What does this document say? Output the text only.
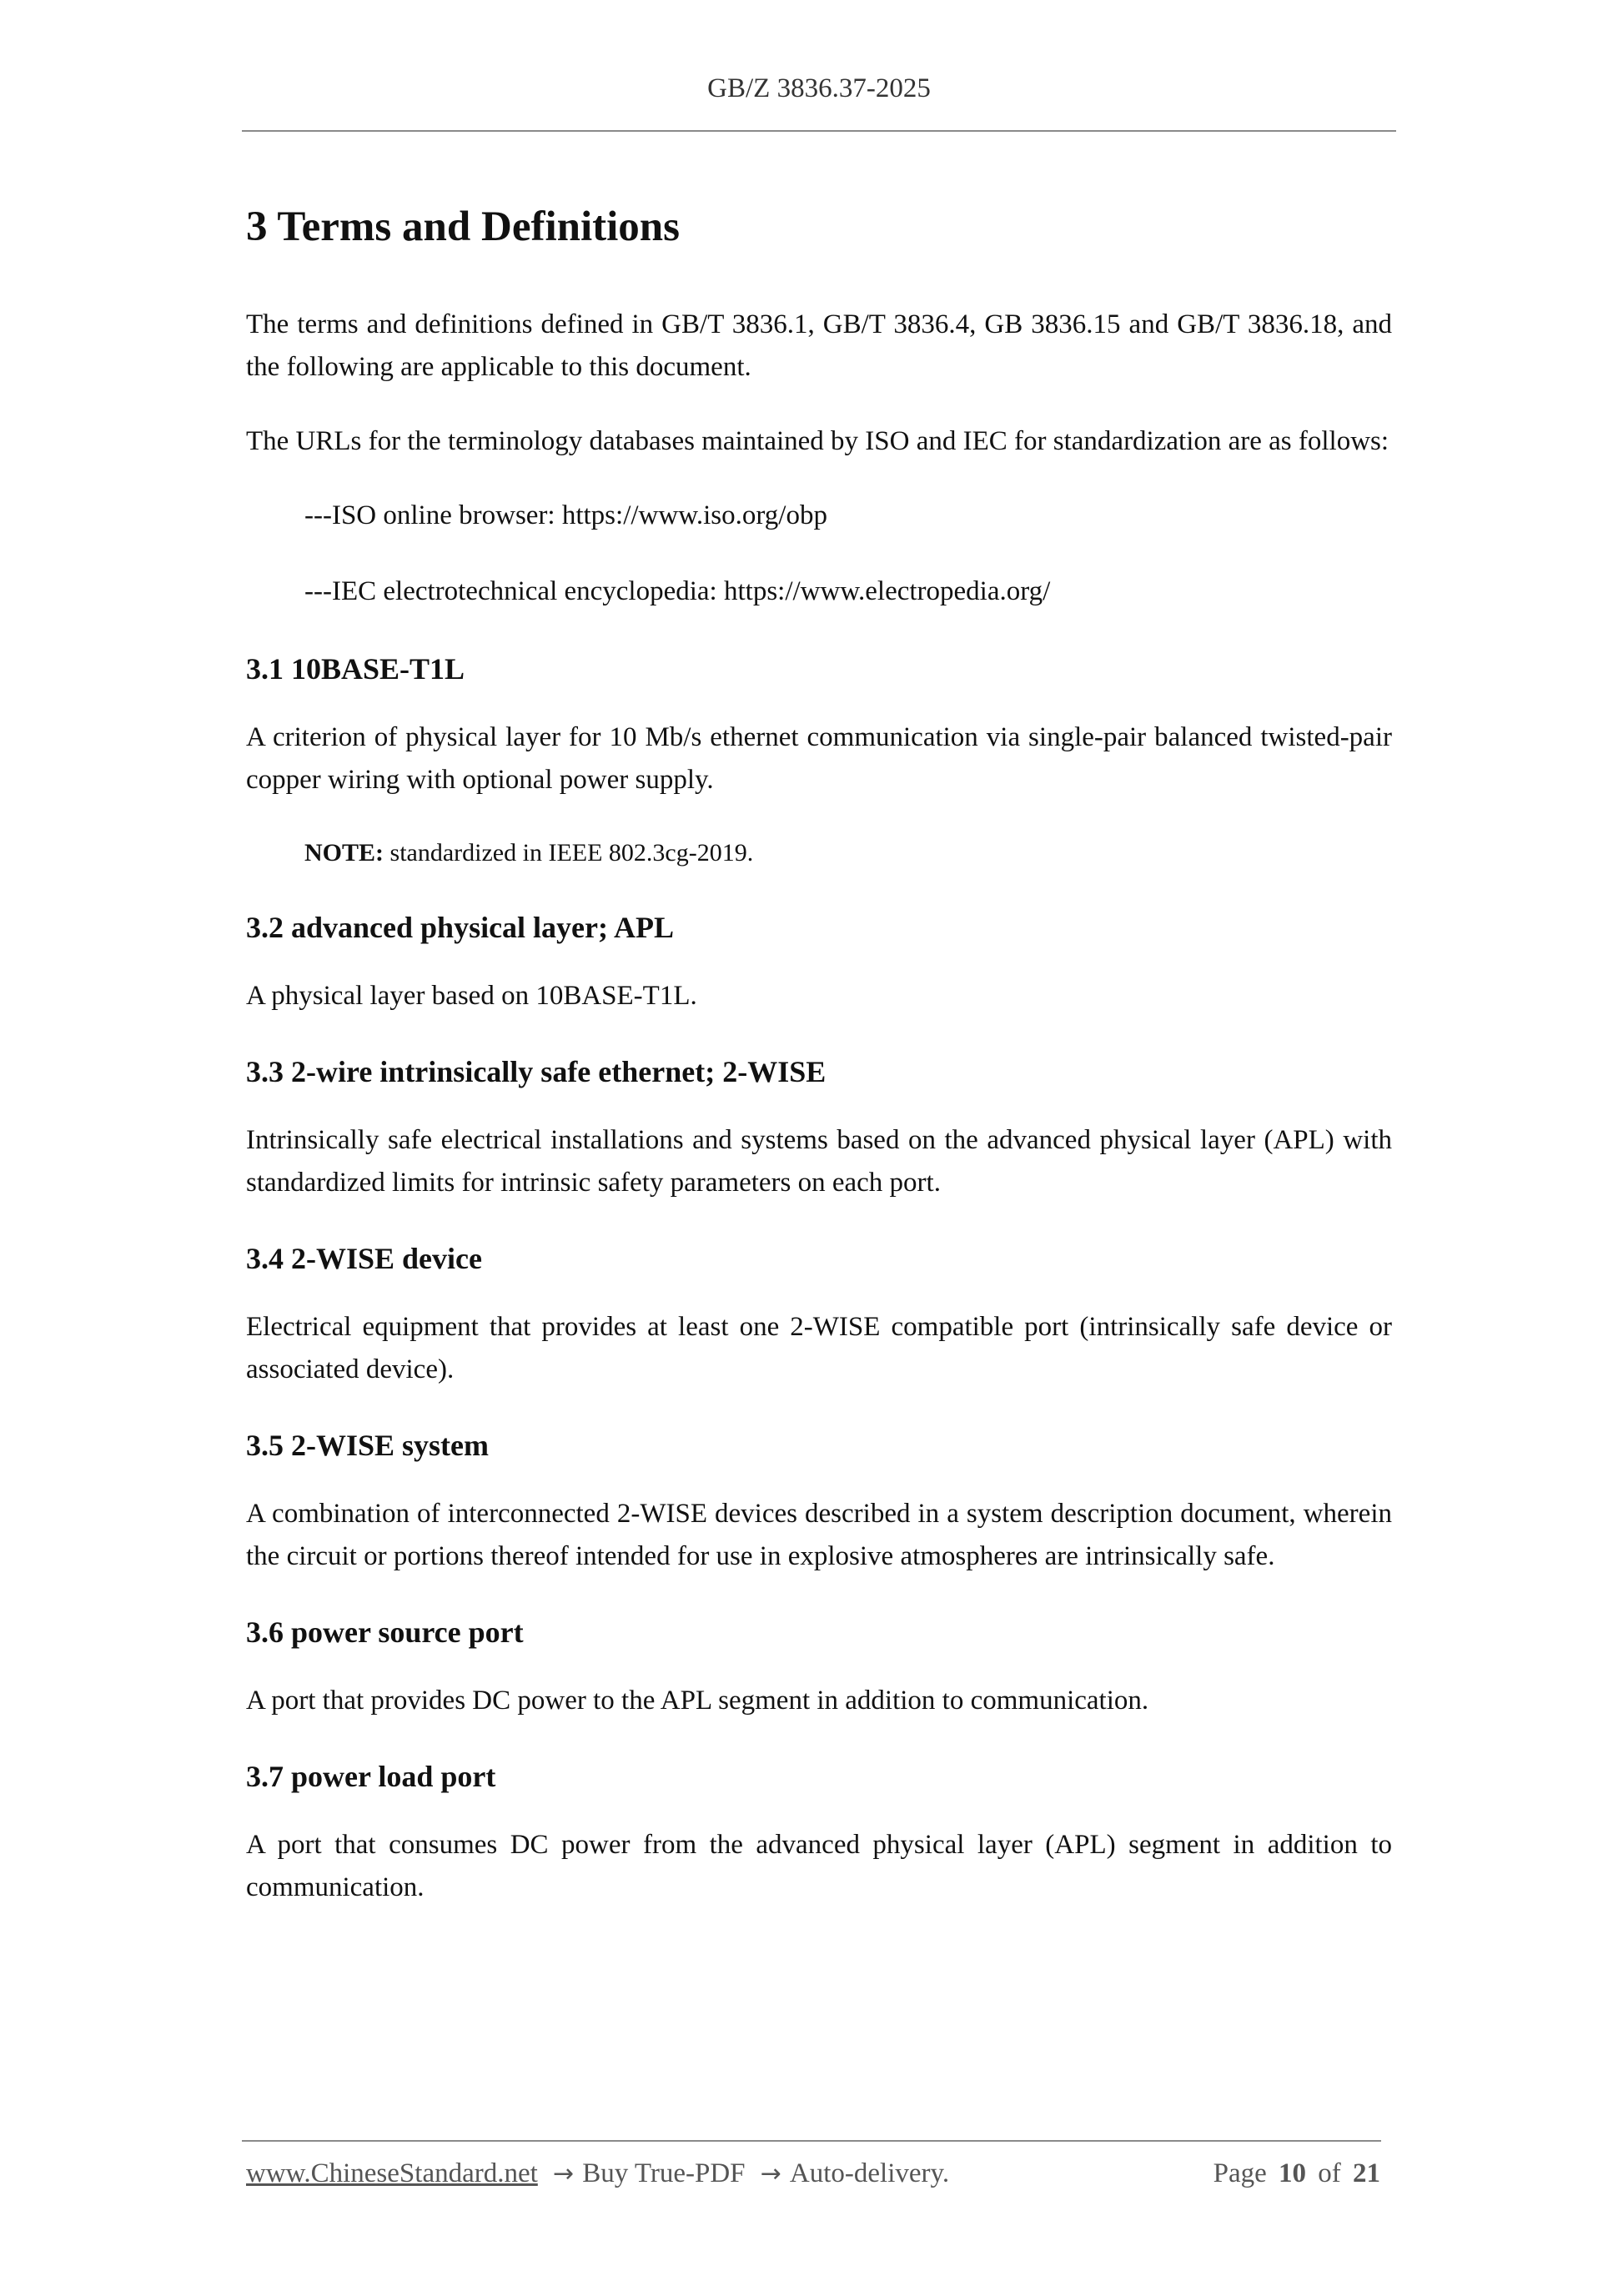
GB/Z 3836.37-2025
3 Terms and Definitions

The terms and definitions defined in GB/T 3836.1, GB/T 3836.4, GB 3836.15 and GB/T 3836.18, and the following are applicable to this document.

The URLs for the terminology databases maintained by ISO and IEC for standardization are as follows:

---ISO online browser: https://www.iso.org/obp

---IEC electrotechnical encyclopedia: https://www.electropedia.org/

3.1 10BASE-T1L

A criterion of physical layer for 10 Mb/s ethernet communication via single-pair balanced twisted-pair copper wiring with optional power supply.

NOTE: standardized in IEEE 802.3cg-2019.

3.2 advanced physical layer; APL

A physical layer based on 10BASE-T1L.

3.3 2-wire intrinsically safe ethernet; 2-WISE

Intrinsically safe electrical installations and systems based on the advanced physical layer (APL) with standardized limits for intrinsic safety parameters on each port.

3.4 2-WISE device

Electrical equipment that provides at least one 2-WISE compatible port (intrinsically safe device or associated device).

3.5 2-WISE system

A combination of interconnected 2-WISE devices described in a system description document, wherein the circuit or portions thereof intended for use in explosive atmospheres are intrinsically safe.

3.6 power source port

A port that provides DC power to the APL segment in addition to communication.

3.7 power load port

A port that consumes DC power from the advanced physical layer (APL) segment in addition to communication.

www.ChineseStandard.net → Buy True-PDF → Auto-delivery.	Page 10 of 21
